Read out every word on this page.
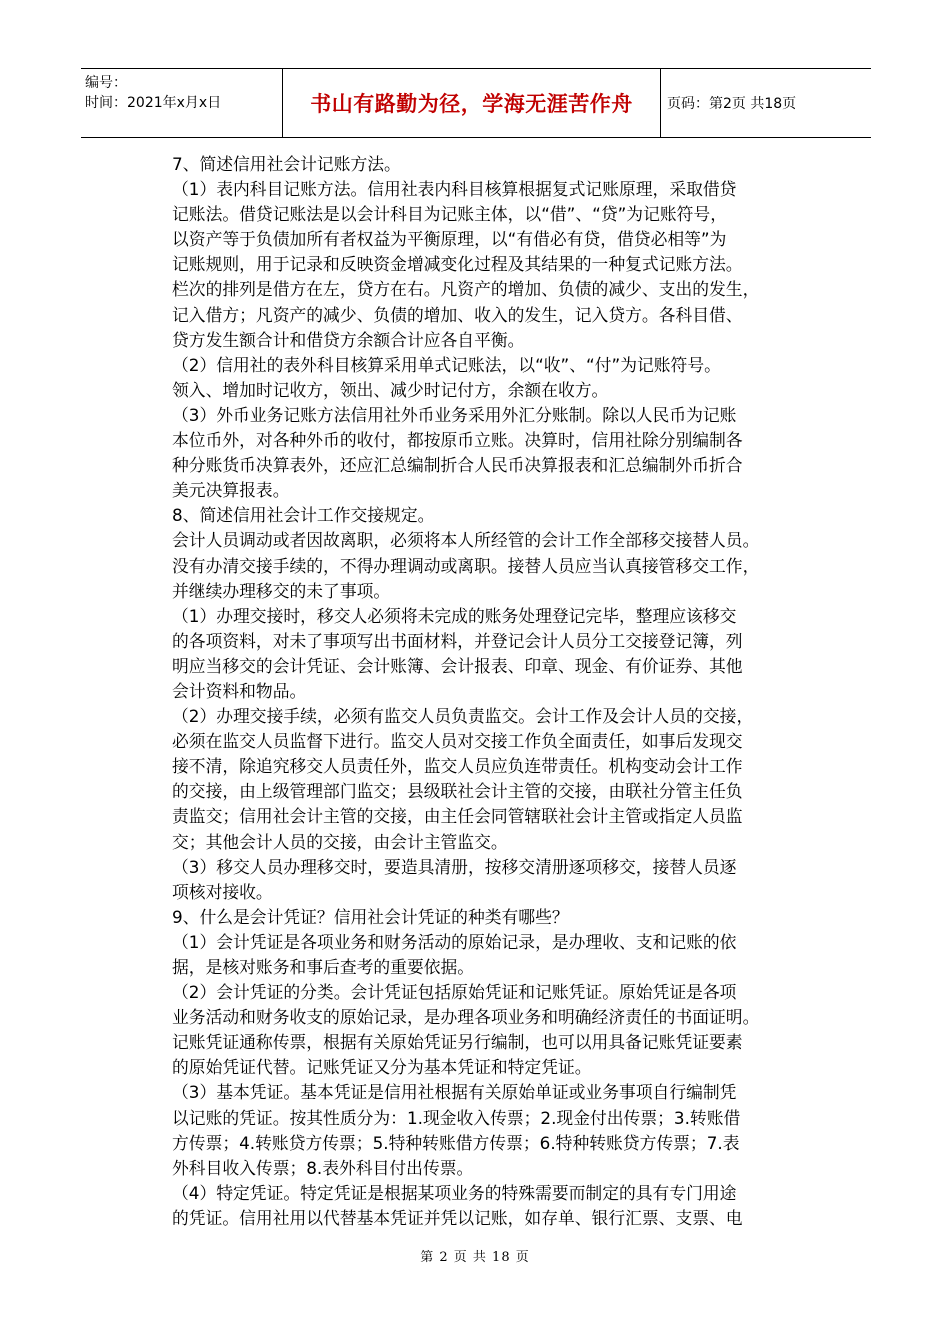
编号：
时间：2021年x月x日	书山有路勤为径，学海无涯苦作舟	页码：第2页 共18页
7、简述信用社会计记账方法。
（1）表内科目记账方法。信用社表内科目核算根据复式记账原理，采取借贷
记账法。借贷记账法是以会计科目为记账主体，以“借”、“贷”为记账符号，
以资产等于负债加所有者权益为平衡原理，以“有借必有贷，借贷必相等”为
记账规则，用于记录和反映资金增减变化过程及其结果的一种复式记账方法。
栏次的排列是借方在左，贷方在右。凡资产的增加、负债的减少、支出的发生，
记入借方；凡资产的减少、负债的增加、收入的发生，记入贷方。各科目借、
贷方发生额合计和借贷方余额合计应各自平衡。
（2）信用社的表外科目核算采用单式记账法，以“收”、“付”为记账符号。
领入、增加时记收方，领出、减少时记付方，余额在收方。
（3）外币业务记账方法信用社外币业务采用外汇分账制。除以人民币为记账
本位币外，对各种外币的收付，都按原币立账。决算时，信用社除分别编制各
种分账货币决算表外，还应汇总编制折合人民币决算报表和汇总编制外币折合
美元决算报表。
8、简述信用社会计工作交接规定。
会计人员调动或者因故离职，必须将本人所经管的会计工作全部移交接替人员。
没有办清交接手续的，不得办理调动或离职。接替人员应当认真接管移交工作，
并继续办理移交的未了事项。
（1）办理交接时，移交人必须将未完成的账务处理登记完毕，整理应该移交
的各项资料，对未了事项写出书面材料，并登记会计人员分工交接登记簿，列
明应当移交的会计凭证、会计账簿、会计报表、印章、现金、有价证券、其他
会计资料和物品。
（2）办理交接手续，必须有监交人员负责监交。会计工作及会计人员的交接，
必须在监交人员监督下进行。监交人员对交接工作负全面责任，如事后发现交
接不清，除追究移交人员责任外，监交人员应负连带责任。机构变动会计工作
的交接，由上级管理部门监交；县级联社会计主管的交接，由联社分管主任负
责监交；信用社会计主管的交接，由主任会同管辖联社会计主管或指定人员监
交；其他会计人员的交接，由会计主管监交。
（3）移交人员办理移交时，要造具清册，按移交清册逐项移交，接替人员逐
项核对接收。
9、什么是会计凭证？信用社会计凭证的种类有哪些？
（1）会计凭证是各项业务和财务活动的原始记录，是办理收、支和记账的依
据，是核对账务和事后查考的重要依据。
（2）会计凭证的分类。会计凭证包括原始凭证和记账凭证。原始凭证是各项
业务活动和财务收支的原始记录，是办理各项业务和明确经济责任的书面证明。
记账凭证通称传票，根据有关原始凭证另行编制，也可以用具备记账凭证要素
的原始凭证代替。记账凭证又分为基本凭证和特定凭证。
（3）基本凭证。基本凭证是信用社根据有关原始单证或业务事项自行编制凭
以记账的凭证。按其性质分为：1.现金收入传票；2.现金付出传票；3.转账借
方传票；4.转账贷方传票；5.特种转账借方传票；6.特种转账贷方传票；7.表
外科目收入传票；8.表外科目付出传票。
（4）特定凭证。特定凭证是根据某项业务的特殊需要而制定的具有专门用途
的凭证。信用社用以代替基本凭证并凭以记账，如存单、银行汇票、支票、电
第 2 页 共 18 页
